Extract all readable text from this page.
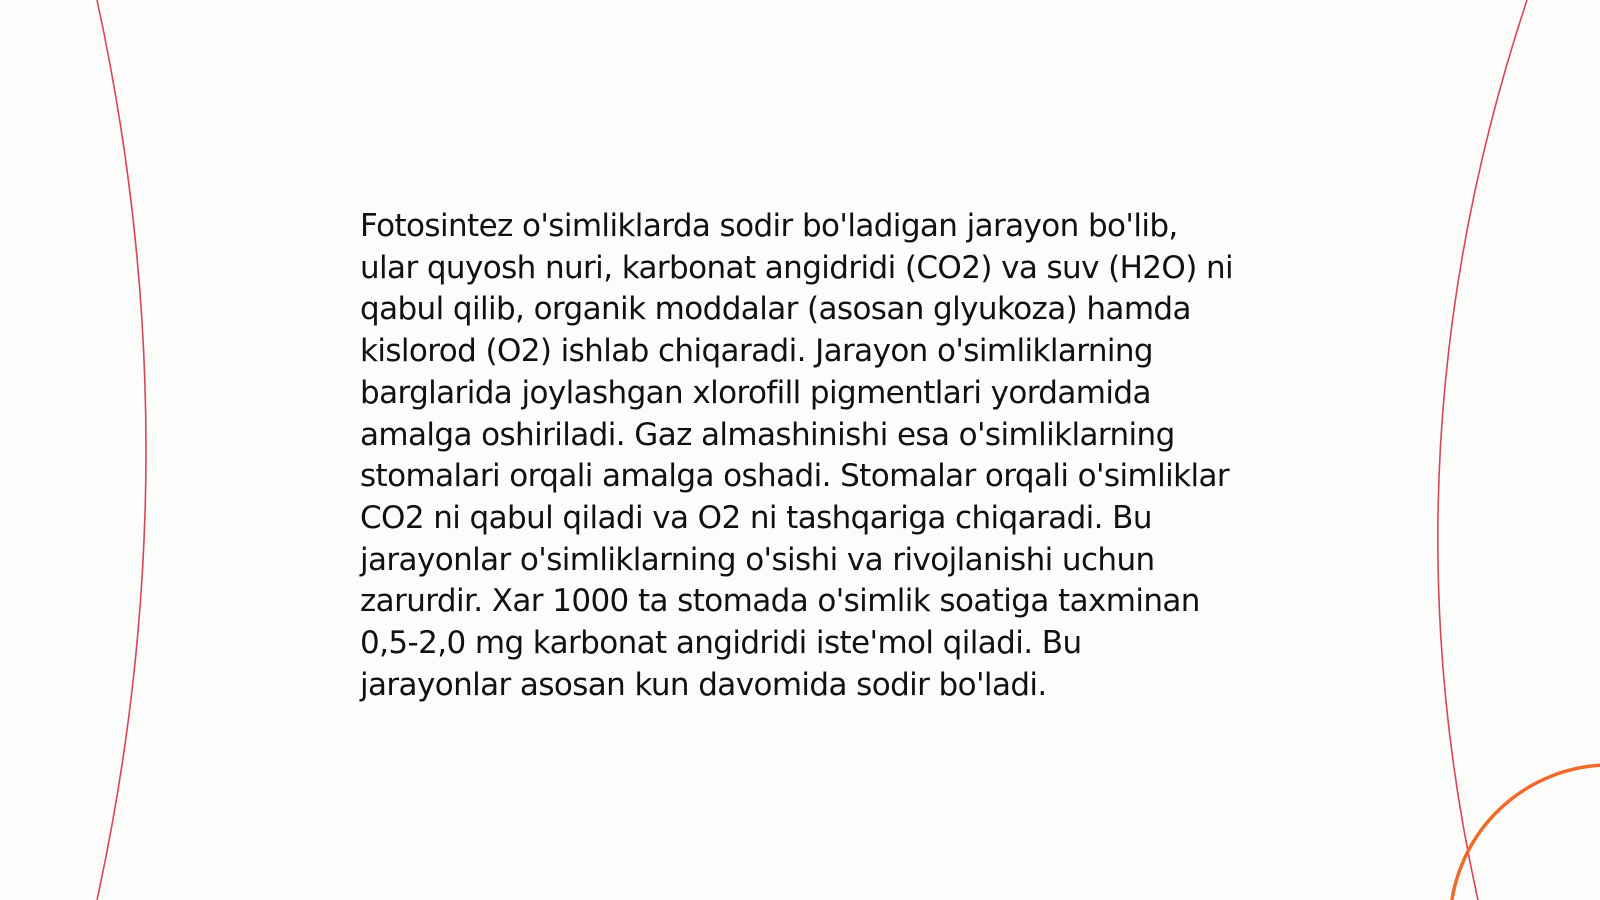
Fotosintez o'simliklarda sodir bo'ladigan jarayon bo'lib, ular quyosh nuri, karbonat angidridi (CO2) va suv (H2O) ni qabul qilib, organik moddalar (asosan glyukoza) hamda kislorod (O2) ishlab chiqaradi. Jarayon o'simliklarning barglarida joylashgan xlorofill pigmentlari yordamida amalga oshiriladi. Gaz almashinishi esa o'simliklarning stomalari orqali amalga oshadi. Stomalar orqali o'simliklar CO2 ni qabul qiladi va O2 ni tashqariga chiqaradi. Bu jarayonlar o'simliklarning o'sishi va rivojlanishi uchun zarurdir. Xar 1000 ta stomada o'simlik soatiga taxminan 0,5-2,0 mg karbonat angidridi iste'mol qiladi. Bu jarayonlar asosan kun davomida sodir bo'ladi.
